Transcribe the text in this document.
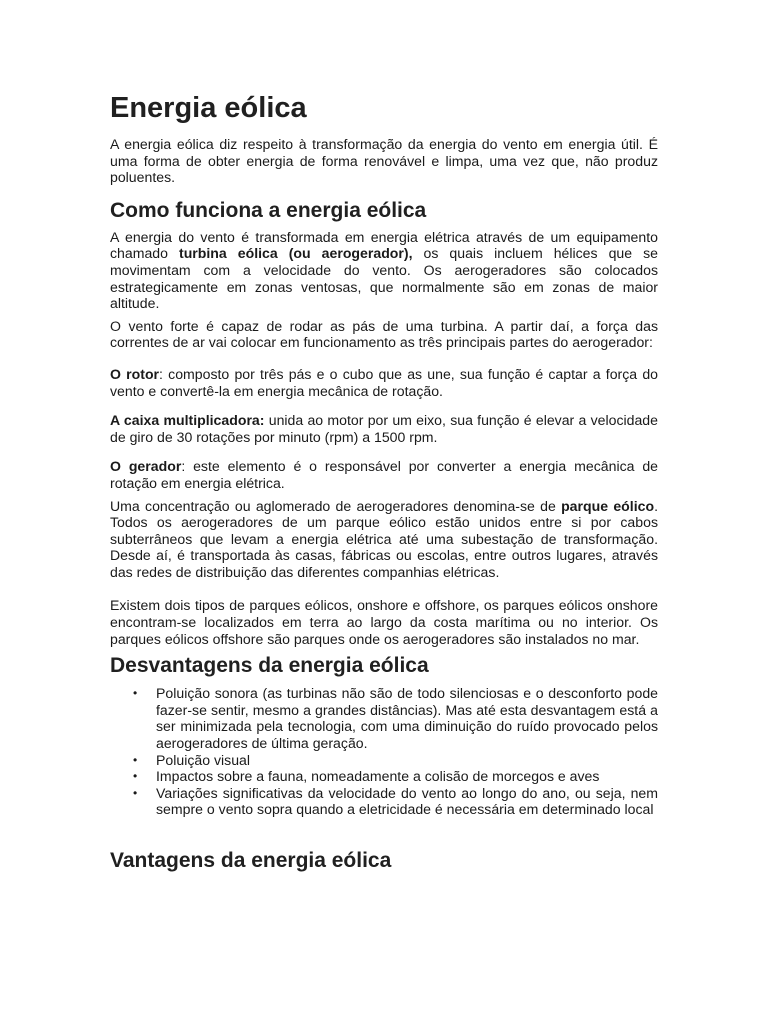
Energia eólica

A energia eólica diz respeito à transformação da energia do vento em energia útil. É uma forma de obter energia de forma renovável e limpa, uma vez que, não produz poluentes.

Como funciona a energia eólica

A energia do vento é transformada em energia elétrica através de um equipamento chamado turbina eólica (ou aerogerador), os quais incluem hélices que se movimentam com a velocidade do vento. Os aerogeradores são colocados estrategicamente em zonas ventosas, que normalmente são em zonas de maior altitude.

O vento forte é capaz de rodar as pás de uma turbina. A partir daí, a força das correntes de ar vai colocar em funcionamento as três principais partes do aerogerador:

O rotor: composto por três pás e o cubo que as une, sua função é captar a força do vento e convertê-la em energia mecânica de rotação.

A caixa multiplicadora: unida ao motor por um eixo, sua função é elevar a velocidade de giro de 30 rotações por minuto (rpm) a 1500 rpm.

O gerador: este elemento é o responsável por converter a energia mecânica de rotação em energia elétrica.

Uma concentração ou aglomerado de aerogeradores denomina-se de parque eólico. Todos os aerogeradores de um parque eólico estão unidos entre si por cabos subterrâneos que levam a energia elétrica até uma subestação de transformação. Desde aí, é transportada às casas, fábricas ou escolas, entre outros lugares, através das redes de distribuição das diferentes companhias elétricas.

Existem dois tipos de parques eólicos, onshore e offshore, os parques eólicos onshore encontram-se localizados em terra ao largo da costa marítima ou no interior. Os parques eólicos offshore são parques onde os aerogeradores são instalados no mar.

Desvantagens da energia eólica
• Poluição sonora (as turbinas não são de todo silenciosas e o desconforto pode fazer-se sentir, mesmo a grandes distâncias). Mas até esta desvantagem está a ser minimizada pela tecnologia, com uma diminuição do ruído provocado pelos aerogeradores de última geração.
• Poluição visual
• Impactos sobre a fauna, nomeadamente a colisão de morcegos e aves
• Variações significativas da velocidade do vento ao longo do ano, ou seja, nem sempre o vento sopra quando a eletricidade é necessária em determinado local
Vantagens da energia eólica
